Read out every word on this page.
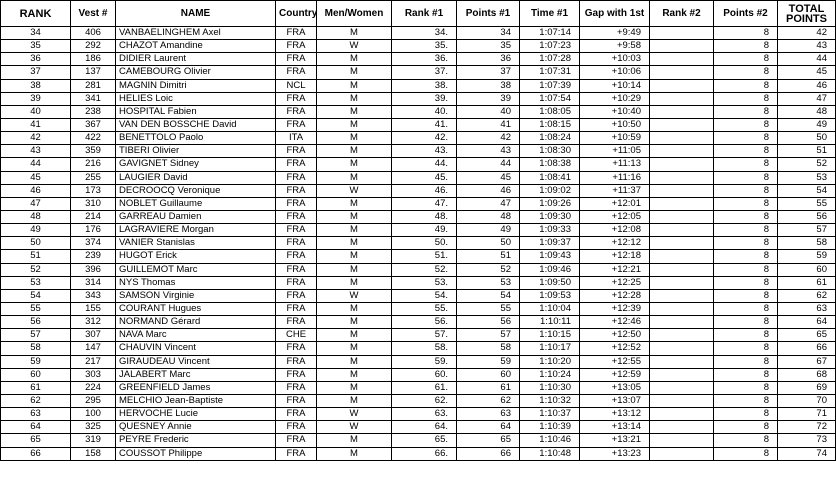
RANK	Vest #	NAME	Country	Men/Women	Rank #1	Points #1	Time #1	Gap with 1st	Rank #2	Points #2	TOTAL POINTS
34	406	VANBAELINGHEM Axel	FRA	M	34.	34	1:07:14	+9:49		8	42
35	292	CHAZOT Amandine	FRA	W	35.	35	1:07:23	+9:58		8	43
36	186	DIDIER Laurent	FRA	M	36.	36	1:07:28	+10:03		8	44
37	137	CAMEBOURG Olivier	FRA	M	37.	37	1:07:31	+10:06		8	45
38	281	MAGNIN Dimitri	NCL	M	38.	38	1:07:39	+10:14		8	46
39	341	HELIES Loic	FRA	M	39.	39	1:07:54	+10:29		8	47
40	238	HOSPITAL Fabien	FRA	M	40.	40	1:08:05	+10:40		8	48
41	367	VAN DEN BOSSCHE David	FRA	M	41.	41	1:08:15	+10:50		8	49
42	422	BENETTOLO Paolo	ITA	M	42.	42	1:08:24	+10:59		8	50
43	359	TIBERI Olivier	FRA	M	43.	43	1:08:30	+11:05		8	51
44	216	GAVIGNET Sidney	FRA	M	44.	44	1:08:38	+11:13		8	52
45	255	LAUGIER David	FRA	M	45.	45	1:08:41	+11:16		8	53
46	173	DECROOCQ Veronique	FRA	W	46.	46	1:09:02	+11:37		8	54
47	310	NOBLET Guillaume	FRA	M	47.	47	1:09:26	+12:01		8	55
48	214	GARREAU Damien	FRA	M	48.	48	1:09:30	+12:05		8	56
49	176	LAGRAVIERE Morgan	FRA	M	49.	49	1:09:33	+12:08		8	57
50	374	VANIER Stanislas	FRA	M	50.	50	1:09:37	+12:12		8	58
51	239	HUGOT Erick	FRA	M	51.	51	1:09:43	+12:18		8	59
52	396	GUILLEMOT Marc	FRA	M	52.	52	1:09:46	+12:21		8	60
53	314	NYS Thomas	FRA	M	53.	53	1:09:50	+12:25		8	61
54	343	SAMSON Virginie	FRA	W	54.	54	1:09:53	+12:28		8	62
55	155	COURANT Hugues	FRA	M	55.	55	1:10:04	+12:39		8	63
56	312	NORMAND Gérard	FRA	M	56.	56	1:10:11	+12:46		8	64
57	307	NAVA Marc	CHE	M	57.	57	1:10:15	+12:50		8	65
58	147	CHAUVIN Vincent	FRA	M	58.	58	1:10:17	+12:52		8	66
59	217	GIRAUDEAU Vincent	FRA	M	59.	59	1:10:20	+12:55		8	67
60	303	JALABERT Marc	FRA	M	60.	60	1:10:24	+12:59		8	68
61	224	GREENFIELD James	FRA	M	61.	61	1:10:30	+13:05		8	69
62	295	MELCHIO Jean-Baptiste	FRA	M	62.	62	1:10:32	+13:07		8	70
63	100	HERVOCHE Lucie	FRA	W	63.	63	1:10:37	+13:12		8	71
64	325	QUESNEY Annie	FRA	W	64.	64	1:10:39	+13:14		8	72
65	319	PEYRE Frederic	FRA	M	65.	65	1:10:46	+13:21		8	73
66	158	COUSSOT Philippe	FRA	M	66.	66	1:10:48	+13:23		8	74
